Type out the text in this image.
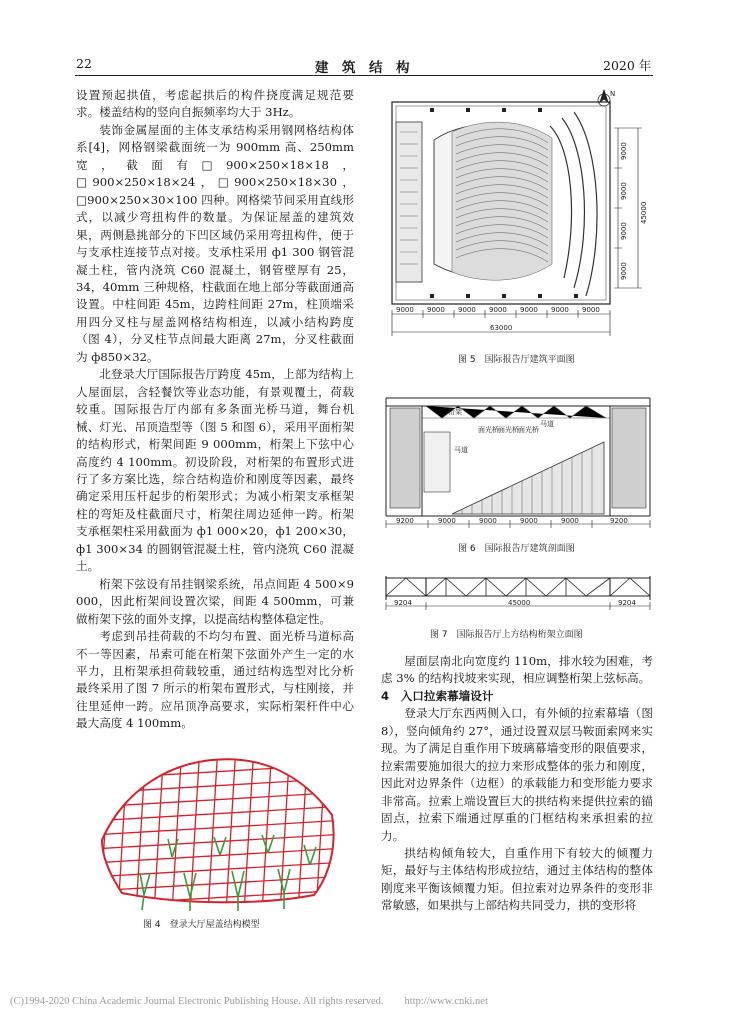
22	建　筑　结　构	2020 年

设置预起拱值，考虑起拱后的构件挠度满足规范要求。楼盖结构的竖向自振频率均大于 3Hz。

装饰金属屋面的主体支承结构采用钢网格结构体系[4]，网格钢梁截面统一为 900mm 高、250mm 宽，截面有□900×250×18×18，□900×250×18×24，□900×250×18×30，□900×250×30×100 四种。网格梁节间采用直线形式，以减少弯扭构件的数量。为保证屋盖的建筑效果，两侧悬挑部分的下凹区域仍采用弯扭构件，便于与支承柱连接节点对接。支承柱采用 ф1 300 钢管混凝土柱，管内浇筑 C60 混凝土，钢管壁厚有 25，34，40mm 三种规格，柱截面在地上部分等截面通高设置。中柱间距 45m，边跨柱间距 27m，柱顶端采用四分叉柱与屋盖网格结构相连，以减小结构跨度（图 4），分叉柱节点间最大距离 27m，分叉柱截面为 ф850×32。

北登录大厅国际报告厅跨度 45m，上部为结构上人屋面层，含轻餐饮等业态功能，有景观覆土，荷载较重。国际报告厅内部有多条面光桥马道，舞台机械、灯光、吊顶造型等（图 5 和图 6），采用平面桁架的结构形式，桁架间距 9 000mm，桁架上下弦中心高度约 4 100mm。初设阶段，对桁架的布置形式进行了多方案比选，综合结构造价和刚度等因素，最终确定采用压杆起步的桁架形式；为减小桁架支承框架柱的弯矩及柱截面尺寸，桁架往周边延伸一跨。桁架支承框架柱采用截面为 ф1 000×20，ф1 200×30，ф1 300×34 的圆钢管混凝土柱，管内浇筑 C60 混凝土。

桁架下弦设有吊挂钢梁系统，吊点间距 4 500×9 000，因此桁架间设置次梁，间距 4 500mm，可兼做桁架下弦的面外支撑，以提高结构整体稳定性。

考虑到吊挂荷载的不均匀布置、面光桥马道标高不一等因素，吊索可能在桁架下弦面外产生一定的水平力，且桁架承担荷载较重，通过结构选型对比分析最终采用了图 7 所示的桁架布置形式，与柱刚接，并往里延伸一跨。应吊顶净高要求，实际桁架杆件中心最大高度 4 100mm。

图 4　登录大厅屋盖结构模型
N
9000 9000 9000 9000 9000 9000 9000
63000
9000
9000
9000
9000
45000
图 5　国际报告厅建筑平面图
桁架
面光桥 面光桥 面光桥
马道
马道
9200	9000	9000	9000	9000	9200
图 6　国际报告厅建筑剖面图
9204	45000	9204
图 7　国际报告厅上方结构桁架立面图

屋面层南北向宽度约 110m，排水较为困难，考虑 3% 的结构找坡来实现，相应调整桁架上弦标高。

4　入口拉索幕墙设计

登录大厅东西两侧入口，有外倾的拉索幕墙（图 8），竖向倾角约 27°，通过设置双层马鞍面索网来实现。为了满足自重作用下玻璃幕墙变形的限值要求，拉索需要施加很大的拉力来形成整体的张力和刚度，因此对边界条件（边框）的承载能力和变形能力要求非常高。拉索上端设置巨大的拱结构来提供拉索的锚固点，拉索下端通过厚重的门框结构来承担索的拉力。

拱结构倾角较大，自重作用下有较大的倾覆力矩，最好与主体结构形成拉结，通过主体结构的整体刚度来平衡该倾覆力矩。但拉索对边界条件的变形非常敏感，如果拱与上部结构共同受力，拱的变形将

(C)1994-2020 China Academic Journal Electronic Publishing House. All rights reserved.　　http://www.cnki.net
